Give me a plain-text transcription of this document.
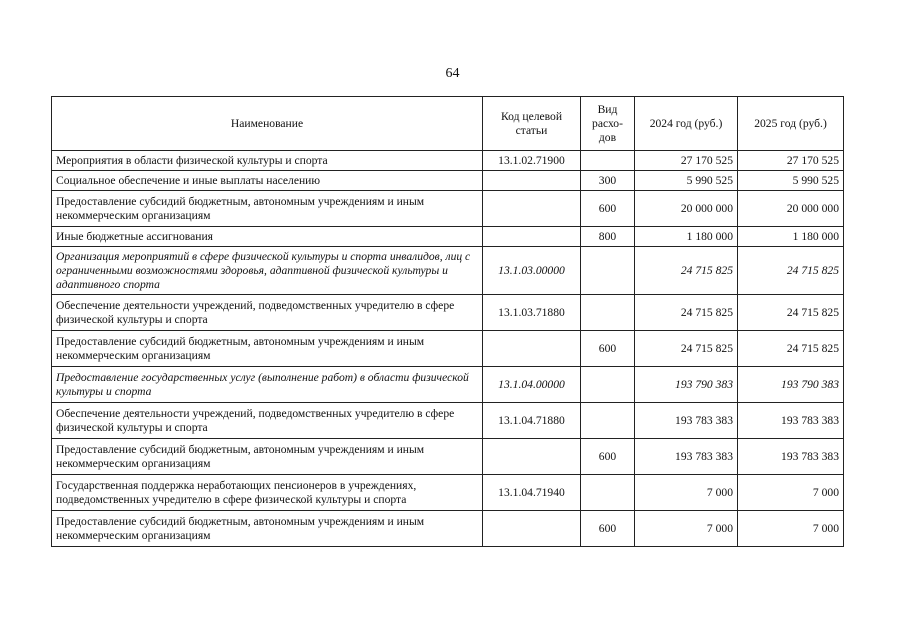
64
Наименование	Код целевой статьи	Вид расхо-дов	2024 год (руб.)	2025 год (руб.)
Мероприятия в области физической культуры и спорта	13.1.02.71900		27 170 525	27 170 525
Социальное обеспечение и иные выплаты населению		300	5 990 525	5 990 525
Предоставление субсидий бюджетным, автономным учреждениям и иным некоммерческим организациям		600	20 000 000	20 000 000
Иные бюджетные ассигнования		800	1 180 000	1 180 000
Организация мероприятий в сфере физической культуры и спорта инвалидов, лиц с ограниченными возможностями здоровья, адаптивной физической культуры и адаптивного спорта	13.1.03.00000		24 715 825	24 715 825
Обеспечение деятельности учреждений, подведомственных учредителю в сфере физической культуры и спорта	13.1.03.71880		24 715 825	24 715 825
Предоставление субсидий бюджетным, автономным учреждениям и иным некоммерческим организациям		600	24 715 825	24 715 825
Предоставление государственных услуг (выполнение работ) в области физической культуры и спорта	13.1.04.00000		193 790 383	193 790 383
Обеспечение деятельности учреждений, подведомственных учредителю в сфере физической культуры и спорта	13.1.04.71880		193 783 383	193 783 383
Предоставление субсидий бюджетным, автономным учреждениям и иным некоммерческим организациям		600	193 783 383	193 783 383
Государственная поддержка неработающих пенсионеров в учреждениях, подведомственных учредителю в сфере физической культуры и спорта	13.1.04.71940		7 000	7 000
Предоставление субсидий бюджетным, автономным учреждениям и иным некоммерческим организациям		600	7 000	7 000
